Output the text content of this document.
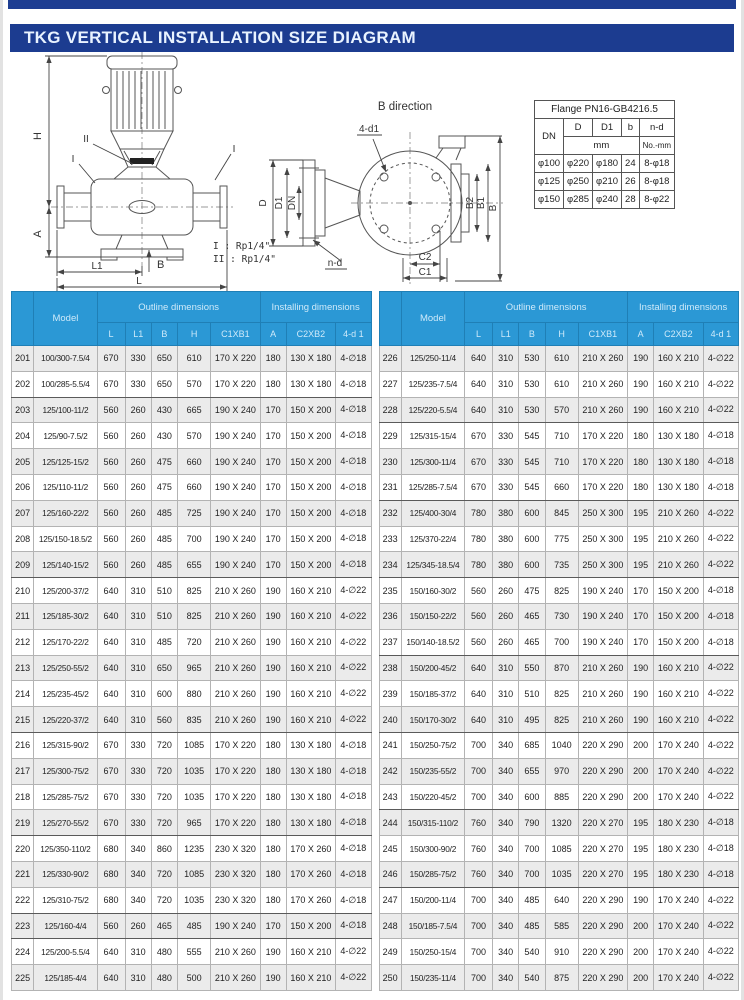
TKG VERTICAL INSTALLATION SIZE DIAGRAM
H
A
L1
L
B
I
II
I
B direction
D D1 DN
n-d
4-d1
B2 B1 B
C2
C1
I : Rp1/4"
II : Rp1/4"
Flange PN16-GB4216.5				
DN	D	D1	b	n-d
	mm			No.-mm
φ100	φ220	φ180	24	8-φ18
φ125	φ250	φ210	26	8-φ18
φ150	φ285	φ240	28	8-φ22
	Model	Outline dimensions					Installing dimensions		
		L	L1	B	H	C1XB1	A	C2XB2	4-d 1
201	100/300-7.5/4	670	330	650	610	170 X 220	180	130 X 180	4-∅18
202	100/285-5.5/4	670	330	650	570	170 X 220	180	130 X 180	4-∅18
203	125/100-11/2	560	260	430	665	190 X 240	170	150 X 200	4-∅18
204	125/90-7.5/2	560	260	430	570	190 X 240	170	150 X 200	4-∅18
205	125/125-15/2	560	260	475	660	190 X 240	170	150 X 200	4-∅18
206	125/110-11/2	560	260	475	660	190 X 240	170	150 X 200	4-∅18
207	125/160-22/2	560	260	485	725	190 X 240	170	150 X 200	4-∅18
208	125/150-18.5/2	560	260	485	700	190 X 240	170	150 X 200	4-∅18
209	125/140-15/2	560	260	485	655	190 X 240	170	150 X 200	4-∅18
210	125/200-37/2	640	310	510	825	210 X 260	190	160 X 210	4-∅22
211	125/185-30/2	640	310	510	825	210 X 260	190	160 X 210	4-∅22
212	125/170-22/2	640	310	485	720	210 X 260	190	160 X 210	4-∅22
213	125/250-55/2	640	310	650	965	210 X 260	190	160 X 210	4-∅22
214	125/235-45/2	640	310	600	880	210 X 260	190	160 X 210	4-∅22
215	125/220-37/2	640	310	560	835	210 X 260	190	160 X 210	4-∅22
216	125/315-90/2	670	330	720	1085	170 X 220	180	130 X 180	4-∅18
217	125/300-75/2	670	330	720	1035	170 X 220	180	130 X 180	4-∅18
218	125/285-75/2	670	330	720	1035	170 X 220	180	130 X 180	4-∅18
219	125/270-55/2	670	330	720	965	170 X 220	180	130 X 180	4-∅18
220	125/350-110/2	680	340	860	1235	230 X 320	180	170 X 260	4-∅18
221	125/330-90/2	680	340	720	1085	230 X 320	180	170 X 260	4-∅18
222	125/310-75/2	680	340	720	1035	230 X 320	180	170 X 260	4-∅18
223	125/160-4/4	560	260	465	485	190 X 240	170	150 X 200	4-∅18
224	125/200-5.5/4	640	310	480	555	210 X 260	190	160 X 210	4-∅22
225	125/185-4/4	640	310	480	500	210 X 260	190	160 X 210	4-∅22
	Model	Outline dimensions					Installing dimensions		
		L	L1	B	H	C1XB1	A	C2XB2	4-d 1
226	125/250-11/4	640	310	530	610	210 X 260	190	160 X 210	4-∅22
227	125/235-7.5/4	640	310	530	610	210 X 260	190	160 X 210	4-∅22
228	125/220-5.5/4	640	310	530	570	210 X 260	190	160 X 210	4-∅22
229	125/315-15/4	670	330	545	710	170 X 220	180	130 X 180	4-∅18
230	125/300-11/4	670	330	545	710	170 X 220	180	130 X 180	4-∅18
231	125/285-7.5/4	670	330	545	660	170 X 220	180	130 X 180	4-∅18
232	125/400-30/4	780	380	600	845	250 X 300	195	210 X 260	4-∅22
233	125/370-22/4	780	380	600	775	250 X 300	195	210 X 260	4-∅22
234	125/345-18.5/4	780	380	600	735	250 X 300	195	210 X 260	4-∅22
235	150/160-30/2	560	260	475	825	190 X 240	170	150 X 200	4-∅18
236	150/150-22/2	560	260	465	730	190 X 240	170	150 X 200	4-∅18
237	150/140-18.5/2	560	260	465	700	190 X 240	170	150 X 200	4-∅18
238	150/200-45/2	640	310	550	870	210 X 260	190	160 X 210	4-∅22
239	150/185-37/2	640	310	510	825	210 X 260	190	160 X 210	4-∅22
240	150/170-30/2	640	310	495	825	210 X 260	190	160 X 210	4-∅22
241	150/250-75/2	700	340	685	1040	220 X 290	200	170 X 240	4-∅22
242	150/235-55/2	700	340	655	970	220 X 290	200	170 X 240	4-∅22
243	150/220-45/2	700	340	600	885	220 X 290	200	170 X 240	4-∅22
244	150/315-110/2	760	340	790	1320	220 X 270	195	180 X 230	4-∅18
245	150/300-90/2	760	340	700	1085	220 X 270	195	180 X 230	4-∅18
246	150/285-75/2	760	340	700	1035	220 X 270	195	180 X 230	4-∅18
247	150/200-11/4	700	340	485	640	220 X 290	190	170 X 240	4-∅22
248	150/185-7.5/4	700	340	485	585	220 X 290	200	170 X 240	4-∅22
249	150/250-15/4	700	340	540	910	220 X 290	200	170 X 240	4-∅22
250	150/235-11/4	700	340	540	875	220 X 290	200	170 X 240	4-∅22
